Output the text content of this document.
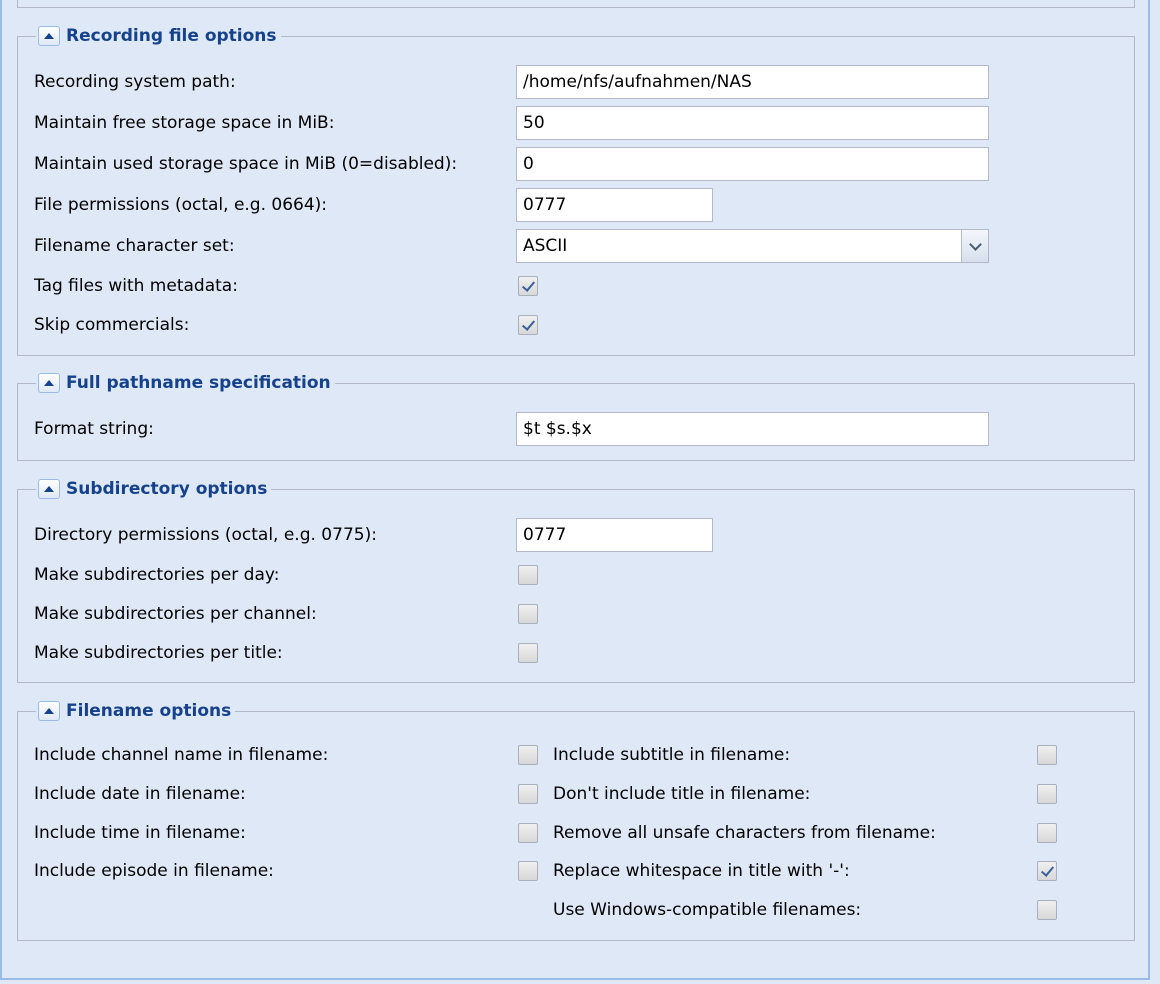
Recording file options
Recording system path:	/home/nfs/aufnahmen/NAS
Maintain free storage space in MiB:	50
Maintain used storage space in MiB (0=disabled):	0
File permissions (octal, e.g. 0664):	0777
Filename character set:	ASCII
Tag files with metadata:
Skip commercials:
Full pathname specification
Format string:	$t $s.$x
Subdirectory options
Directory permissions (octal, e.g. 0775):	0777
Make subdirectories per day:
Make subdirectories per channel:
Make subdirectories per title:
Filename options
Include channel name in filename:	Include subtitle in filename:
Include date in filename:	Don't include title in filename:
Include time in filename:	Remove all unsafe characters from filename:
Include episode in filename:	Replace whitespace in title with '-':
Use Windows-compatible filenames:
